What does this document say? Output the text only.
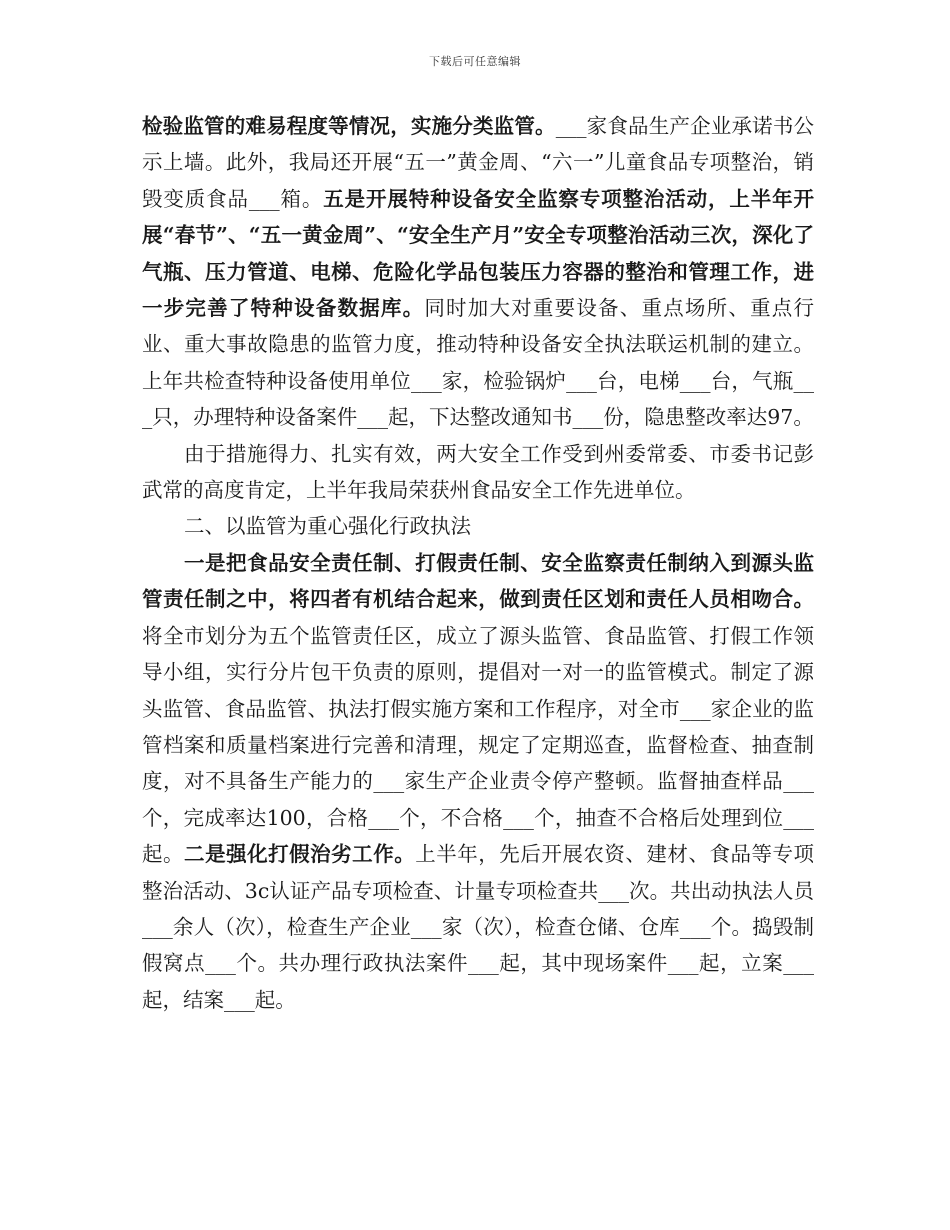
下载后可任意编辑

检验监管的难易程度等情况，实施分类监管。___家食品生产企业承诺书公示上墙。此外，我局还开展“五一”黄金周、“六一”儿童食品专项整治，销毁变质食品___箱。五是开展特种设备安全监察专项整治活动，上半年开展“春节”、“五一黄金周”、“安全生产月”安全专项整治活动三次，深化了气瓶、压力管道、电梯、危险化学品包装压力容器的整治和管理工作，进一步完善了特种设备数据库。同时加大对重要设备、重点场所、重点行业、重大事故隐患的监管力度，推动特种设备安全执法联运机制的建立。上年共检查特种设备使用单位___家，检验锅炉___台，电梯___台，气瓶___只，办理特种设备案件___起，下达整改通知书___份，隐患整改率达97。

由于措施得力、扎实有效，两大安全工作受到州委常委、市委书记彭武常的高度肯定，上半年我局荣获州食品安全工作先进单位。

二、以监管为重心强化行政执法

一是把食品安全责任制、打假责任制、安全监察责任制纳入到源头监管责任制之中，将四者有机结合起来，做到责任区划和责任人员相吻合。将全市划分为五个监管责任区，成立了源头监管、食品监管、打假工作领导小组，实行分片包干负责的原则，提倡对一对一的监管模式。制定了源头监管、食品监管、执法打假实施方案和工作程序，对全市___家企业的监管档案和质量档案进行完善和清理，规定了定期巡查，监督检查、抽查制度，对不具备生产能力的___家生产企业责令停产整顿。监督抽查样品___个，完成率达100，合格___个，不合格___个，抽查不合格后处理到位___起。二是强化打假治劣工作。上半年，先后开展农资、建材、食品等专项整治活动、3c认证产品专项检查、计量专项检查共___次。共出动执法人员___余人（次），检查生产企业___家（次），检查仓储、仓库___个。捣毁制假窝点___个。共办理行政执法案件___起，其中现场案件___起，立案___起，结案___起。
